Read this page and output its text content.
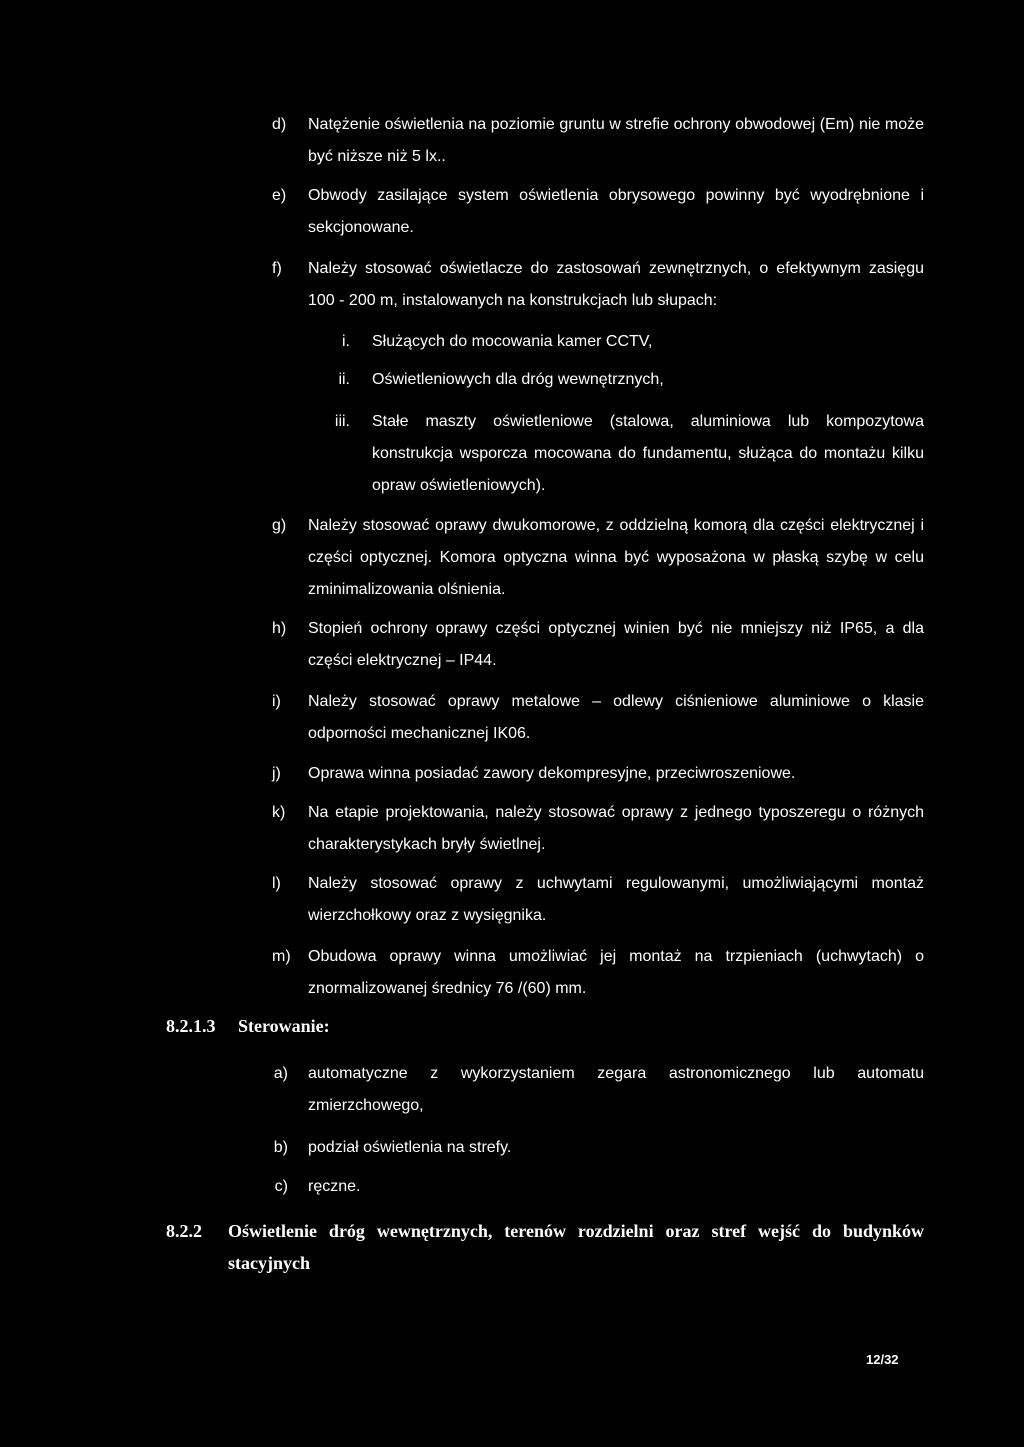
d) Natężenie oświetlenia na poziomie gruntu w strefie ochrony obwodowej (Em) nie może być niższe niż 5 lx..
e) Obwody zasilające system oświetlenia obrysowego powinny być wyodrębnione i sekcjonowane.
f) Należy stosować oświetlacze do zastosowań zewnętrznych, o efektywnym zasięgu 100 - 200 m, instalowanych na konstrukcjach lub słupach:
i. Służących do mocowania kamer CCTV,
ii. Oświetleniowych dla dróg wewnętrznych,
iii. Stałe maszty oświetleniowe (stalowa, aluminiowa lub kompozytowa konstrukcja wsporcza mocowana do fundamentu, służąca do montażu kilku opraw oświetleniowych).
g) Należy stosować oprawy dwukomorowe, z oddzielną komorą dla części elektrycznej i części optycznej. Komora optyczna winna być wyposażona w płaską szybę w celu zminimalizowania olśnienia.
h) Stopień ochrony oprawy części optycznej winien być nie mniejszy niż IP65, a dla części elektrycznej – IP44.
i) Należy stosować oprawy metalowe – odlewy ciśnieniowe aluminiowe o klasie odporności mechanicznej IK06.
j) Oprawa winna posiadać zawory dekompresyjne, przeciwroszeniowe.
k) Na etapie projektowania, należy stosować oprawy z jednego typoszeregu o różnych charakterystykach bryły świetlnej.
l) Należy stosować oprawy z uchwytami regulowanymi, umożliwiającymi montaż wierzchołkowy oraz z wysięgnika.
m) Obudowa oprawy winna umożliwiać jej montaż na trzpieniach (uchwytach) o znormalizowanej średnicy 76 /(60) mm.
8.2.1.3 Sterowanie:
a) automatyczne z wykorzystaniem zegara astronomicznego lub automatu zmierzchowego,
b) podział oświetlenia na strefy.
c) ręczne.
8.2.2 Oświetlenie dróg wewnętrznych, terenów rozdzielni oraz stref wejść do budynków stacyjnych
12/32
